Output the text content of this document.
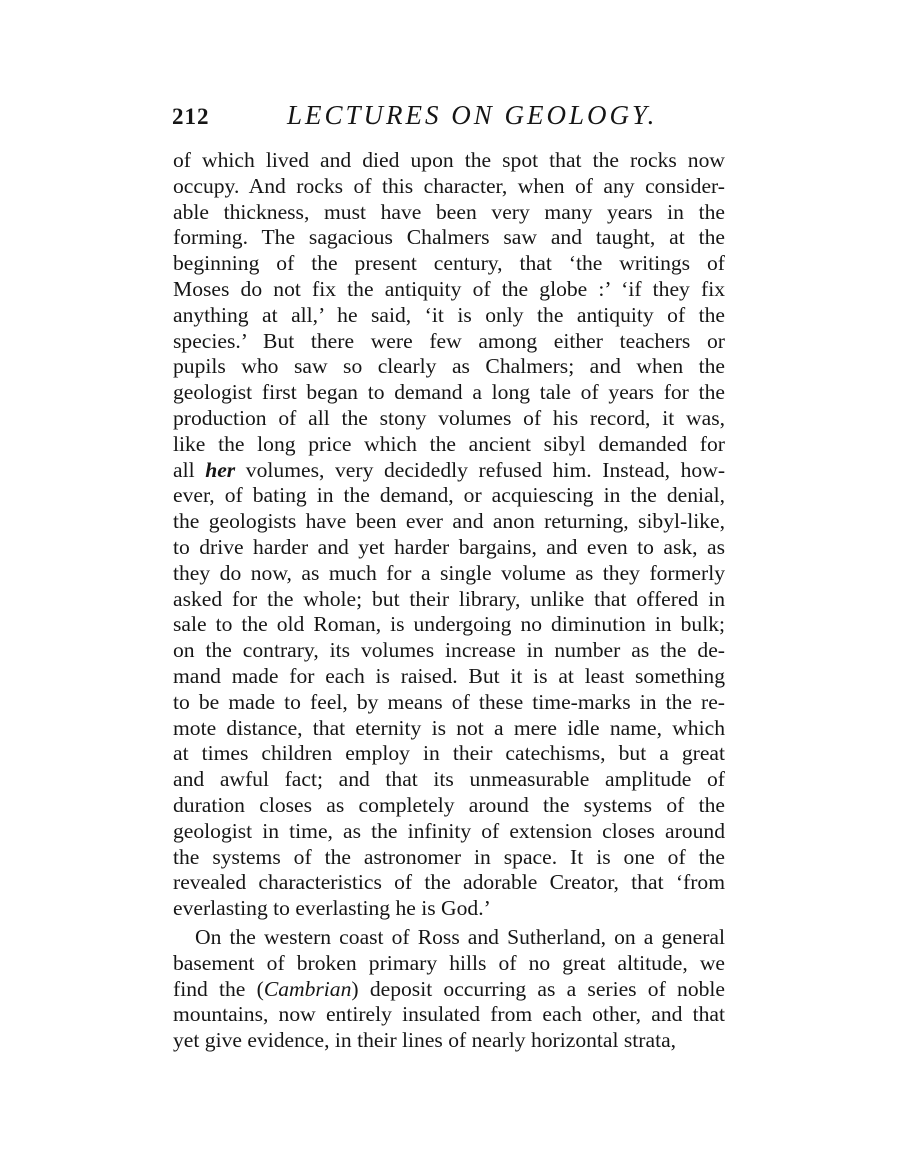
212	LECTURES ON GEOLOGY.
of which lived and died upon the spot that the rocks now
occupy. And rocks of this character, when of any consider-
able thickness, must have been very many years in the
forming. The sagacious Chalmers saw and taught, at the
beginning of the present century, that ‘the writings of
Moses do not fix the antiquity of the globe :’ ‘if they fix
anything at all,’ he said, ‘it is only the antiquity of the
species.’ But there were few among either teachers or
pupils who saw so clearly as Chalmers; and when the
geologist first began to demand a long tale of years for the
production of all the stony volumes of his record, it was,
like the long price which the ancient sibyl demanded for
all her volumes, very decidedly refused him. Instead, how-
ever, of bating in the demand, or acquiescing in the denial,
the geologists have been ever and anon returning, sibyl-like,
to drive harder and yet harder bargains, and even to ask, as
they do now, as much for a single volume as they formerly
asked for the whole; but their library, unlike that offered in
sale to the old Roman, is undergoing no diminution in bulk;
on the contrary, its volumes increase in number as the de-
mand made for each is raised. But it is at least something
to be made to feel, by means of these time-marks in the re-
mote distance, that eternity is not a mere idle name, which
at times children employ in their catechisms, but a great
and awful fact; and that its unmeasurable amplitude of
duration closes as completely around the systems of the
geologist in time, as the infinity of extension closes around
the systems of the astronomer in space. It is one of the
revealed characteristics of the adorable Creator, that ‘from
everlasting to everlasting he is God.’
On the western coast of Ross and Sutherland, on a general
basement of broken primary hills of no great altitude, we
find the (Cambrian) deposit occurring as a series of noble
mountains, now entirely insulated from each other, and that
yet give evidence, in their lines of nearly horizontal strata,
